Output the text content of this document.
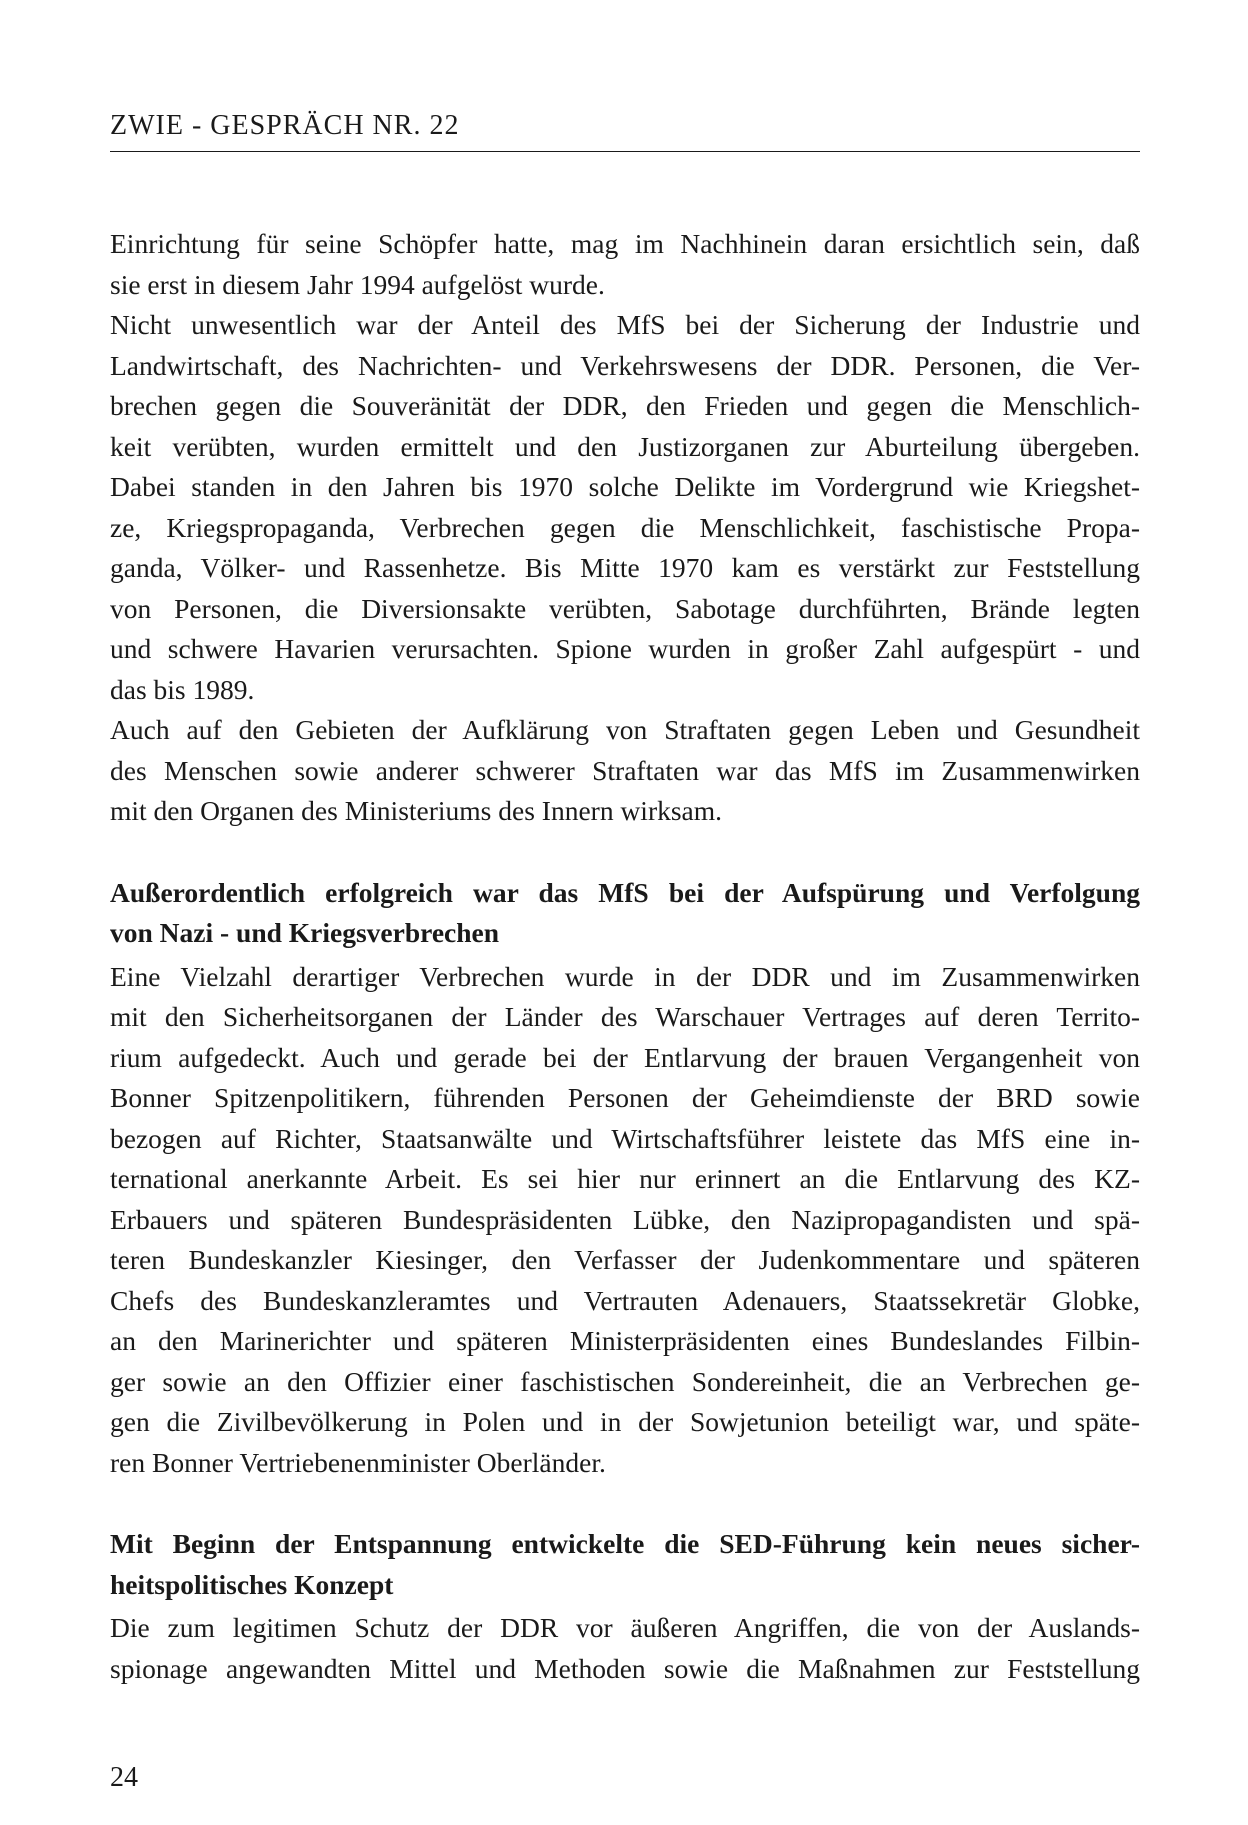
ZWIE - GESPRÄCH NR. 22
Einrichtung für seine Schöpfer hatte, mag im Nachhinein daran ersichtlich sein, daß
sie erst in diesem Jahr 1994 aufgelöst wurde.
Nicht unwesentlich war der Anteil des MfS bei der Sicherung der Industrie und
Landwirtschaft, des Nachrichten- und Verkehrswesens der DDR. Personen, die Ver-
brechen gegen die Souveränität der DDR, den Frieden und gegen die Menschlich-
keit verübten, wurden ermittelt und den Justizorganen zur Aburteilung übergeben.
Dabei standen in den Jahren bis 1970 solche Delikte im Vordergrund wie Kriegshet-
ze, Kriegspropaganda, Verbrechen gegen die Menschlichkeit, faschistische Propa-
ganda, Völker- und Rassenhetze. Bis Mitte 1970 kam es verstärkt zur Feststellung
von Personen, die Diversionsakte verübten, Sabotage durchführten, Brände legten
und schwere Havarien verursachten. Spione wurden in großer Zahl aufgespürt - und
das bis 1989.
Auch auf den Gebieten der Aufklärung von Straftaten gegen Leben und Gesundheit
des Menschen sowie anderer schwerer Straftaten war das MfS im Zusammenwirken
mit den Organen des Ministeriums des Innern wirksam.
Außerordentlich erfolgreich war das MfS bei der Aufspürung und Verfolgung
von Nazi - und Kriegsverbrechen
Eine Vielzahl derartiger Verbrechen wurde in der DDR und im Zusammenwirken
mit den Sicherheitsorganen der Länder des Warschauer Vertrages auf deren Territo-
rium aufgedeckt. Auch und gerade bei der Entlarvung der brauen Vergangenheit von
Bonner Spitzenpolitikern, führenden Personen der Geheimdienste der BRD sowie
bezogen auf Richter, Staatsanwälte und Wirtschaftsführer leistete das MfS eine in-
ternational anerkannte Arbeit. Es sei hier nur erinnert an die Entlarvung des KZ-
Erbauers und späteren Bundespräsidenten Lübke, den Nazipropagandisten und spä-
teren Bundeskanzler Kiesinger, den Verfasser der Judenkommentare und späteren
Chefs des Bundeskanzleramtes und Vertrauten Adenauers, Staatssekretär Globke,
an den Marinerichter und späteren Ministerpräsidenten eines Bundeslandes Filbin-
ger sowie an den Offizier einer faschistischen Sondereinheit, die an Verbrechen ge-
gen die Zivilbevölkerung in Polen und in der Sowjetunion beteiligt war, und späte-
ren Bonner Vertriebenenminister Oberländer.
Mit Beginn der Entspannung entwickelte die SED-Führung kein neues sicher-
heitspolitisches Konzept
Die zum legitimen Schutz der DDR vor äußeren Angriffen, die von der Auslands-
spionage angewandten Mittel und Methoden sowie die Maßnahmen zur Feststellung
24
